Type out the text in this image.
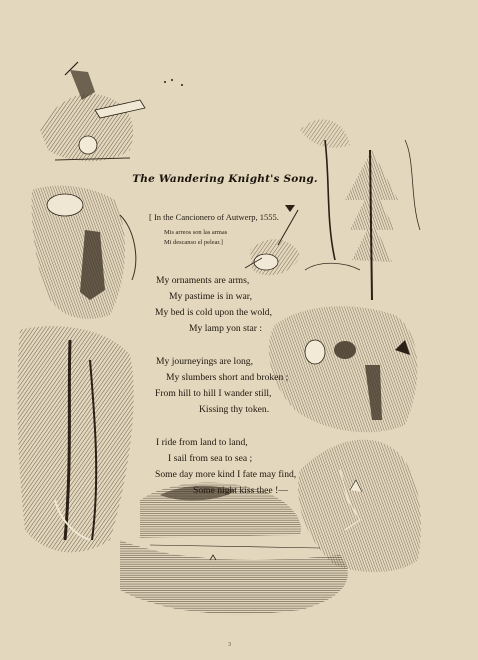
The Wandering Knight's Song.
[ In the Cancionero of Autwerp, 1555.
Mis arreos son las armas
Mi descanso el pelear.]
My ornaments are arms,
My pastime is in war,
My bed is cold upon the wold,
My lamp yon star :
My journeyings are long,
My slumbers short and broken ;
From hill to hill I wander still,
Kissing thy token.
I ride from land to land,
I sail from sea to sea ;
Some day more kind I fate may find,
Some night kiss thee !—
3
